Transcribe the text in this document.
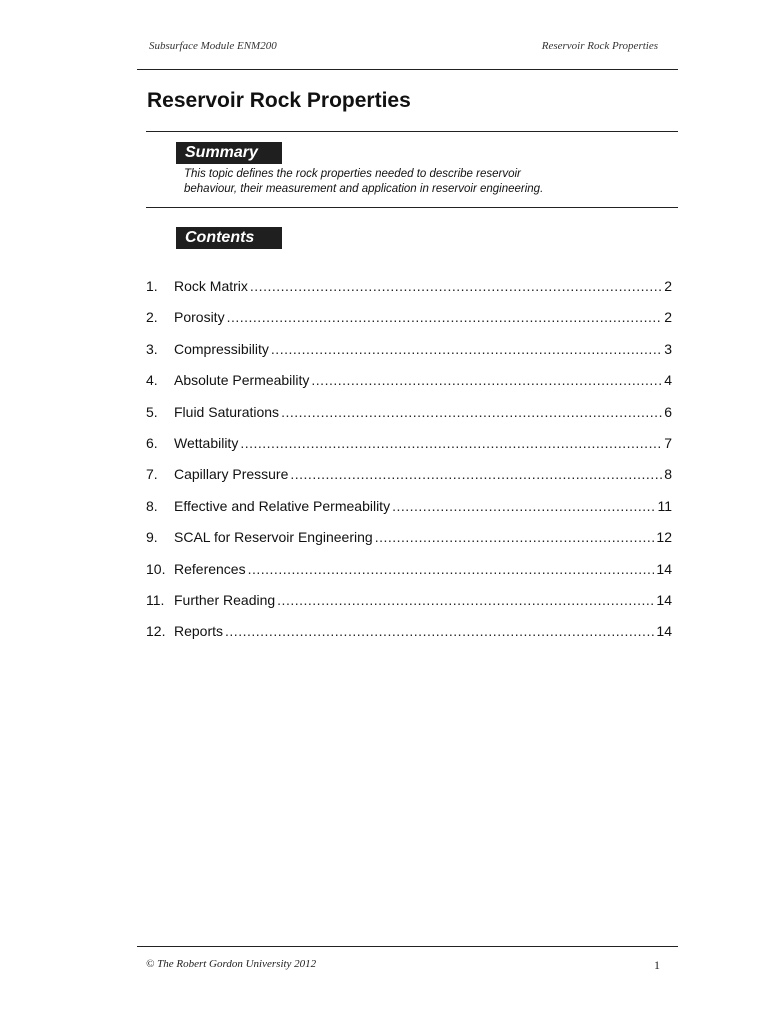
Subsurface Module ENM200	Reservoir Rock Properties
Reservoir Rock Properties
Summary

This topic defines the rock properties needed to describe reservoir
behaviour, their measurement and application in reservoir engineering.

Contents
1.	Rock Matrix .....	2
2.	Porosity .....	2
3.	Compressibility .....	3
4.	Absolute Permeability .....	4
5.	Fluid Saturations .....	6
6.	Wettability .....	7
7.	Capillary Pressure .....	8
8.	Effective and Relative Permeability .....	11
9.	SCAL for Reservoir Engineering .....	12
10. References .....	14
11. Further Reading .....	14
12. Reports .....	14
© The Robert Gordon University 2012	1
